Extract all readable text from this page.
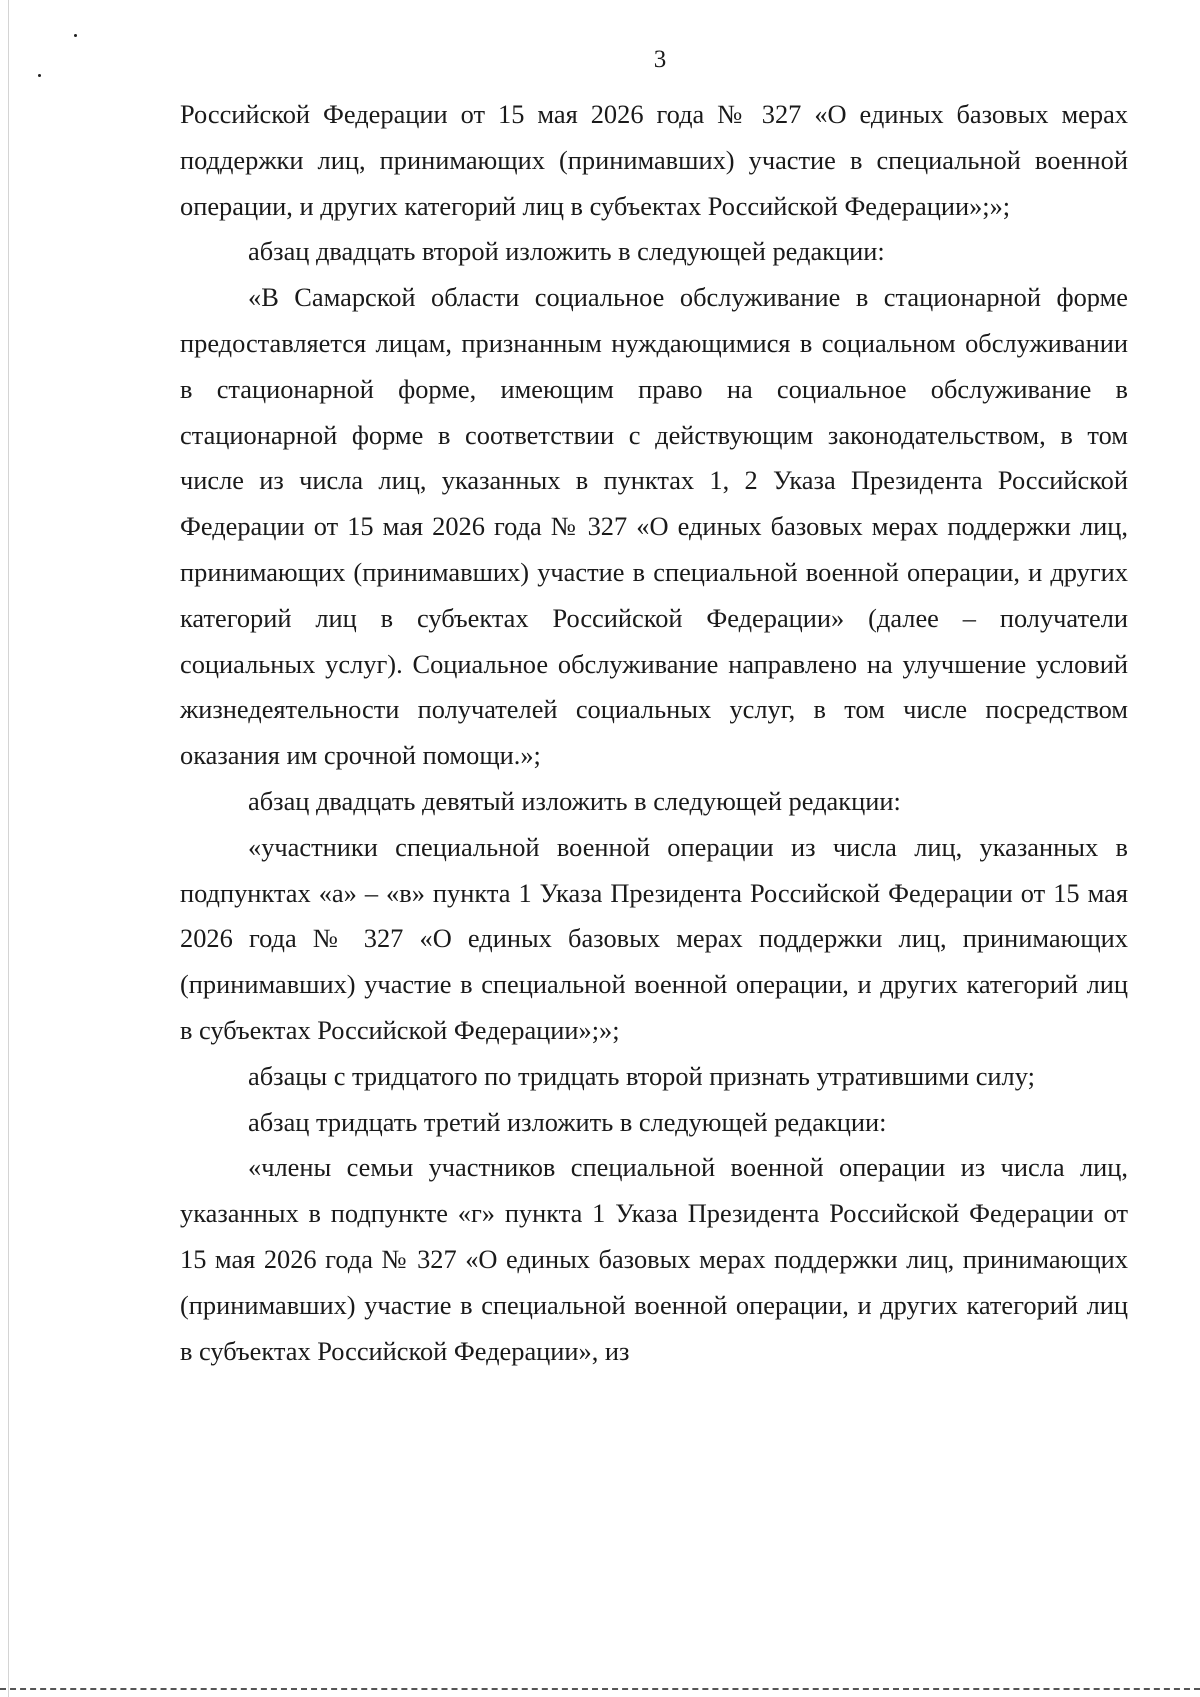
3

Российской Федерации от 15 мая 2026 года № 327 «О единых базовых мерах поддержки лиц, принимающих (принимавших) участие в специальной военной операции, и других категорий лиц в субъектах Российской Федерации»;»;

абзац двадцать второй изложить в следующей редакции:

«В Самарской области социальное обслуживание в стационарной форме предоставляется лицам, признанным нуждающимися в социальном обслуживании в стационарной форме, имеющим право на социальное обслуживание в стационарной форме в соответствии с действующим законодательством, в том числе из числа лиц, указанных в пунктах 1, 2 Указа Президента Российской Федерации от 15 мая 2026 года № 327 «О единых базовых мерах поддержки лиц, принимающих (принимавших) участие в специальной военной операции, и других категорий лиц в субъектах Российской Федерации» (далее – получатели социальных услуг). Социальное обслуживание направлено на улучшение условий жизнедеятельности получателей социальных услуг, в том числе посредством оказания им срочной помощи.»;

абзац двадцать девятый изложить в следующей редакции:

«участники специальной военной операции из числа лиц, указанных в подпунктах «а» – «в» пункта 1 Указа Президента Российской Федерации от 15 мая 2026 года № 327 «О единых базовых мерах поддержки лиц, принимающих (принимавших) участие в специальной военной операции, и других категорий лиц в субъектах Российской Федерации»;»;

абзацы с тридцатого по тридцать второй признать утратившими силу;

абзац тридцать третий изложить в следующей редакции:

«члены семьи участников специальной военной операции из числа лиц, указанных в подпункте «г» пункта 1 Указа Президента Российской Федерации от 15 мая 2026 года № 327 «О единых базовых мерах поддержки лиц, принимающих (принимавших) участие в специальной военной операции, и других категорий лиц в субъектах Российской Федерации», из
